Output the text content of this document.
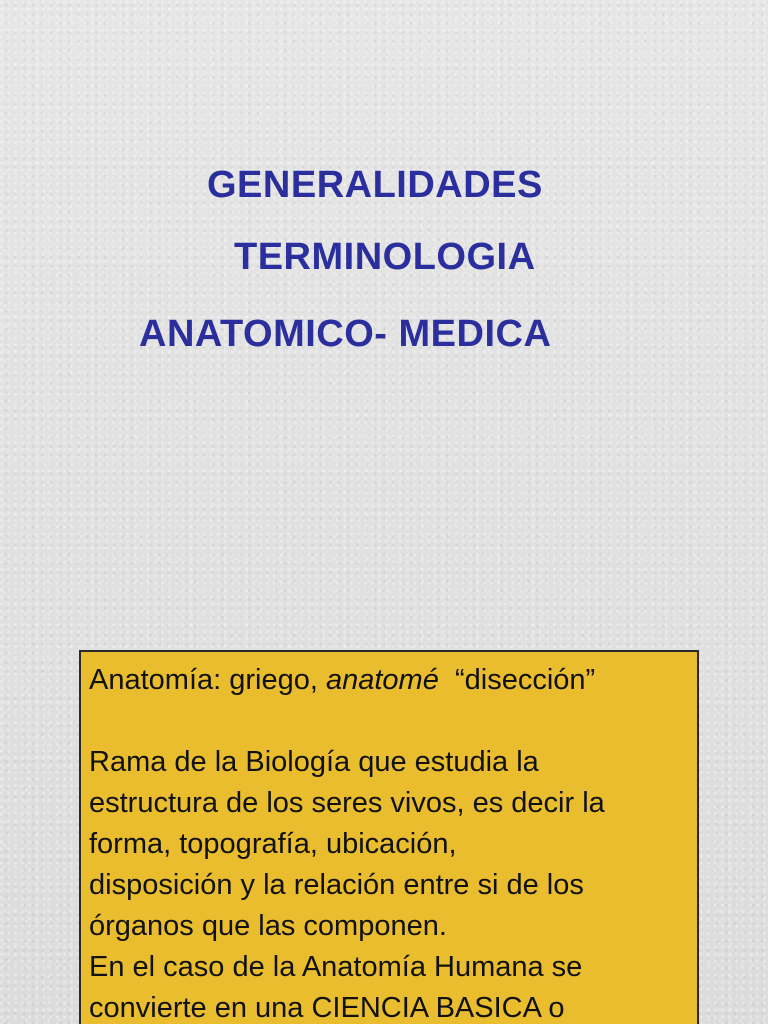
GENERALIDADES
TERMINOLOGIA
ANATOMICO- MEDICA

Anatomía: griego, anatomé “disección”

Rama de la Biología que estudia la

estructura de los seres vivos, es decir la

forma, topografía, ubicación,

disposición y la relación entre si de los

órganos que las componen.

En el caso de la Anatomía Humana se

convierte en una CIENCIA BASICA o
